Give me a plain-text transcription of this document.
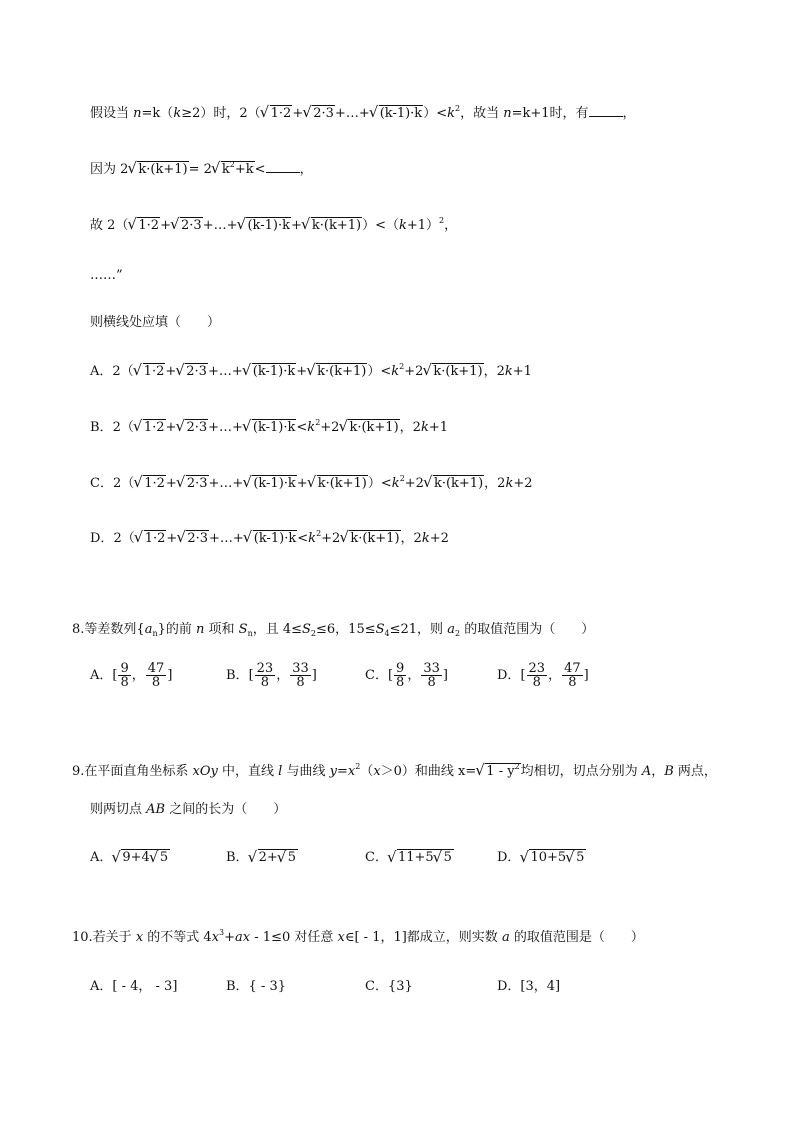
假设当 n=k（k≥2）时，2（√ 1·2+√ 2·3+…+√ $(k-1)\cdot k)<k^2$，故当 n=k+1时，有	，
因为 2√ k·(k+1)= 2√ $k^2+k<$	，
故 2（√ 1·2+√ 2·3+…+√ (k-1)·k+√ $k\cdot(k+1))<(k+1)^2$，
……”
则横线处应填（　　）
A．2（√ 1·2+√ 2·3+…+√ (k-1)·k+√ $k\cdot(k+1))<k^2+2√$ k·(k+1)，2k+1
B．2（√ 1·2+√ 2·3+…+√ $(k-1)\cdot k<k^2+2√$ k·(k+1)，2k+1
C．2（√ 1·2+√ 2·3+…+√ (k-1)·k+√ $k\cdot(k+1))<k^2+2√$ k·(k+1)，2k+2
D．2（√ 1·2+√ 2·3+…+√ $(k-1)\cdot k<k^2+2√$ k·(k+1)，2k+2
8.等差数列$\{a_n\}$的前 n 项和 $S_n$，且 $4\le S_2\le 6$，$15\le S_4\le 21$，则 $a_2$ 的取值范围为（　　）
A．[ $\frac{9}{8}$ ， $\frac{47}{8}$ ]	B．[ $\frac{23}{8}$ ， $\frac{33}{8}$ ]	C．[ $\frac{9}{8}$ ， $\frac{33}{8}$ ]	D．[ $\frac{23}{8}$ ， $\frac{47}{8}$ ]
9.在平面直角坐标系 xOy 中，直线 l 与曲线 $y=x^2(x>0)$和曲线 x=√ $1 - y^2$均相切，切点分别为 A，B 两点，
则两切点 AB 之间的长为（　　）
A．√ 9+4√ 5	B．√ 2+√ 5	C．√ 11+5√ 5	D．√ 10+5√ 5
10.若关于 x 的不等式 $4x^3+ax - 1\le 0$ 对任意 x∈[ - 1，1]都成立，则实数 a 的取值范围是（　　）
A．[ - 4， - 3]	B．{ - 3}	C．{3}	D．[3，4]
